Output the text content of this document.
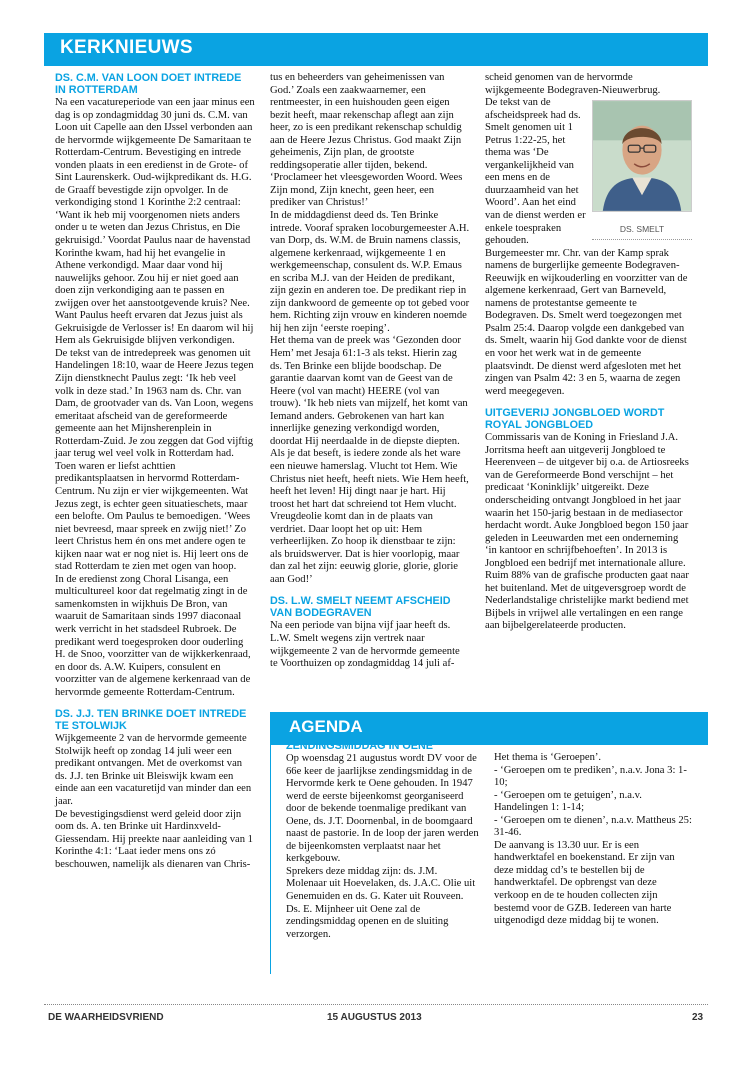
KERKNIEUWS
DS. C.M. VAN LOON DOET INTREDE IN ROTTERDAM

Na een vacatureperiode van een jaar minus een dag is op zondagmiddag 30 juni ds. C.M. van Loon uit Capelle aan den IJssel verbonden aan de hervormde wijkgemeente De Samaritaan te Rotterdam-Centrum. Bevestiging en intrede vonden plaats in een eredienst in de Grote- of Sint Laurenskerk. Oud-wijkpredikant ds. H.G. de Graaff bevestigde zijn opvolger. In de verkondiging stond 1 Korinthe 2:2 centraal: ‘Want ik heb mij voorgenomen niets anders onder u te weten dan Jezus Christus, en Die gekruisigd.’ Voordat Paulus naar de havenstad Korinthe kwam, had hij het evangelie in Athene verkondigd. Maar daar vond hij nauwelijks gehoor. Zou hij er niet goed aan doen zijn verkondiging aan te passen en zwijgen over het aanstootgevende kruis? Nee. Want Paulus heeft ervaren dat Jezus juist als Gekruisigde de Verlosser is! En daarom wil hij Hem als Gekruisigde blijven verkondigen.

De tekst van de intredepreek was genomen uit Handelingen 18:10, waar de Heere Jezus tegen Zijn dienstknecht Paulus zegt: ‘Ik heb veel volk in deze stad.’ In 1963 nam ds. Chr. van Dam, de grootvader van ds. Van Loon, wegens emeritaat afscheid van de gereformeerde gemeente aan het Mijnsherenplein in Rotterdam-Zuid. Je zou zeggen dat God vijftig jaar terug wel veel volk in Rotterdam had. Toen waren er liefst achttien predikantsplaatsen in hervormd Rotterdam-Centrum. Nu zijn er vier wijkgemeenten. Wat Jezus zegt, is echter geen situatieschets, maar een belofte. Om Paulus te bemoedigen. ‘Wees niet bevreesd, maar spreek en zwijg niet!’ Zo leert Christus hem én ons met andere ogen te kijken naar wat er nog niet is. Hij leert ons de stad Rotterdam te zien met ogen van hoop.

In de eredienst zong Choral Lisanga, een multicultureel koor dat regelmatig zingt in de samenkomsten in wijkhuis De Bron, van waaruit de Samaritaan sinds 1997 diaconaal werk verricht in het stadsdeel Rubroek. De predikant werd toegesproken door ouderling H. de Snoo, voorzitter van de wijkkerkenraad, en door ds. A.W. Kuipers, consulent en voorzitter van de algemene kerkenraad van de hervormde gemeente Rotterdam-Centrum.

DS. J.J. TEN BRINKE DOET INTREDE TE STOLWIJK

Wijkgemeente 2 van de hervormde gemeente Stolwijk heeft op zondag 14 juli weer een predikant ontvangen. Met de overkomst van ds. J.J. ten Brinke uit Bleiswijk kwam een einde aan een vacaturetijd van minder dan een jaar.

De bevestigingsdienst werd geleid door zijn oom ds. A. ten Brinke uit Hardinxveld-Giessendam. Hij preekte naar aanleiding van 1 Korinthe 4:1: ‘Laat ieder mens ons zó beschouwen, namelijk als dienaren van Chris-

tus en beheerders van geheimenissen van God.’ Zoals een zaakwaarnemer, een rentmeester, in een huishouden geen eigen bezit heeft, maar rekenschap aflegt aan zijn heer, zo is een predikant rekenschap schuldig aan de Heere Jezus Christus. God maakt Zijn geheimenis, Zijn plan, de grootste reddingsoperatie aller tijden, bekend. ‘Proclameer het vleesgeworden Woord. Wees Zijn mond, Zijn knecht, geen heer, een prediker van Christus!’

In de middagdienst deed ds. Ten Brinke intrede. Vooraf spraken locoburgemeester A.H. van Dorp, ds. W.M. de Bruin namens classis, algemene kerkenraad, wijkgemeente 1 en werkgemeenschap, consulent ds. W.P. Emaus en scriba M.J. van der Heiden de predikant, zijn gezin en anderen toe. De predikant riep in zijn dankwoord de gemeente op tot gebed voor hem. Richting zijn vrouw en kinderen noemde hij hen zijn ‘eerste roeping’.

Het thema van de preek was ‘Gezonden door Hem’ met Jesaja 61:1-3 als tekst. Hierin zag ds. Ten Brinke een blijde boodschap. De garantie daarvan komt van de Geest van de Heere (vol van macht) HEERE (vol van trouw). ‘Ik heb niets van mijzelf, het komt van Iemand anders. Gebrokenen van hart kan innerlijke genezing verkondigd worden, doordat Hij neerdaalde in de diepste diepten. Als je dat beseft, is iedere zonde als het ware een nieuwe hamerslag. Vlucht tot Hem. Wie Christus niet heeft, heeft niets. Wie Hem heeft, heeft het leven! Hij dingt naar je hart. Hij troost het hart dat schreiend tot Hem vlucht. Vreugdeolie komt dan in de plaats van verdriet. Daar loopt het op uit: Hem verheerlijken. Zo hoop ik dienstbaar te zijn: als bruidswerver. Dat is hier voorlopig, maar dan zal het zijn: eeuwig glorie, glorie, glorie aan God!’

DS. L.W. SMELT NEEMT AFSCHEID VAN BODEGRAVEN

Na een periode van bijna vijf jaar heeft ds. L.W. Smelt wegens zijn vertrek naar wijkgemeente 2 van de hervormde gemeente te Voorthuizen op zondagmiddag 14 juli af-

scheid genomen van de hervormde wijkgemeente Bodegraven-Nieuwerbrug.

DS. SMELT

De tekst van de afscheidspreek had ds. Smelt genomen uit 1 Petrus 1:22-25, het thema was ‘De vergankelijkheid van een mens en de duurzaamheid van het Woord’. Aan het eind van de dienst werden er enkele toespraken gehouden. Burgemeester mr. Chr. van der Kamp sprak namens de burgerlijke gemeente Bodegraven-Reeuwijk en wijkouderling en voorzitter van de algemene kerkenraad, Gert van Barneveld, namens de protestantse gemeente te Bodegraven. Ds. Smelt werd toegezongen met Psalm 25:4. Daarop volgde een dankgebed van ds. Smelt, waarin hij God dankte voor de dienst en voor het werk wat in de gemeente plaatsvindt. De dienst werd afgesloten met het zingen van Psalm 42: 3 en 5, waarna de zegen werd meegegeven.

UITGEVERIJ JONGBLOED WORDT ROYAL JONGBLOED

Commissaris van de Koning in Friesland J.A. Jorritsma heeft aan uitgeverij Jongbloed te Heerenveen – de uitgever bij o.a. de Artiosreeks van de Gereformeerde Bond verschijnt – het predicaat ‘Koninklijk’ uitgereikt. Deze onderscheiding ontvangt Jongbloed in het jaar waarin het 150-jarig bestaan in de mediasector herdacht wordt. Auke Jongbloed begon 150 jaar geleden in Leeuwarden met een onderneming ‘in kantoor en schrijfbehoeften’. In 2013 is Jongbloed een bedrijf met internationale allure. Ruim 88% van de grafische producten gaat naar het buitenland. Met de uitgeversgroep wordt de Nederlandstalige christelijke markt bediend met Bijbels in vrijwel alle vertalingen en een range aan bijbelgerelateerde producten.

AGENDA
ZENDINGSMIDDAG IN OENE

Op woensdag 21 augustus wordt DV voor de 66e keer de jaarlijkse zendingsmiddag in de Hervormde kerk te Oene gehouden. In 1947 werd de eerste bijeenkomst georganiseerd door de bekende toenmalige predikant van Oene, ds. J.T. Doornenbal, in de boomgaard naast de pastorie. In de loop der jaren werden de bijeenkomsten verplaatst naar het kerkgebouw.

Sprekers deze middag zijn: ds. J.M. Molenaar uit Hoevelaken, ds. J.A.C. Olie uit Genemuiden en ds. G. Kater uit Rouveen. Ds. E. Mijnheer uit Oene zal de zendingsmiddag openen en de sluiting verzorgen.

Het thema is ‘Geroepen’.

- ‘Geroepen om te prediken’, n.a.v. Jona 3: 1-10;

- ‘Geroepen om te getuigen’, n.a.v. Handelingen 1: 1-14;

- ‘Geroepen om te dienen’, n.a.v. Mattheus 25: 31-46.

De aanvang is 13.30 uur. Er is een handwerktafel en boekenstand. Er zijn van deze middag cd’s te bestellen bij de handwerktafel. De opbrengst van deze verkoop en de te houden collecten zijn bestemd voor de GZB. Iedereen van harte uitgenodigd deze middag bij te wonen.

DE WAARHEIDSVRIEND	15 AUGUSTUS 2013	23
